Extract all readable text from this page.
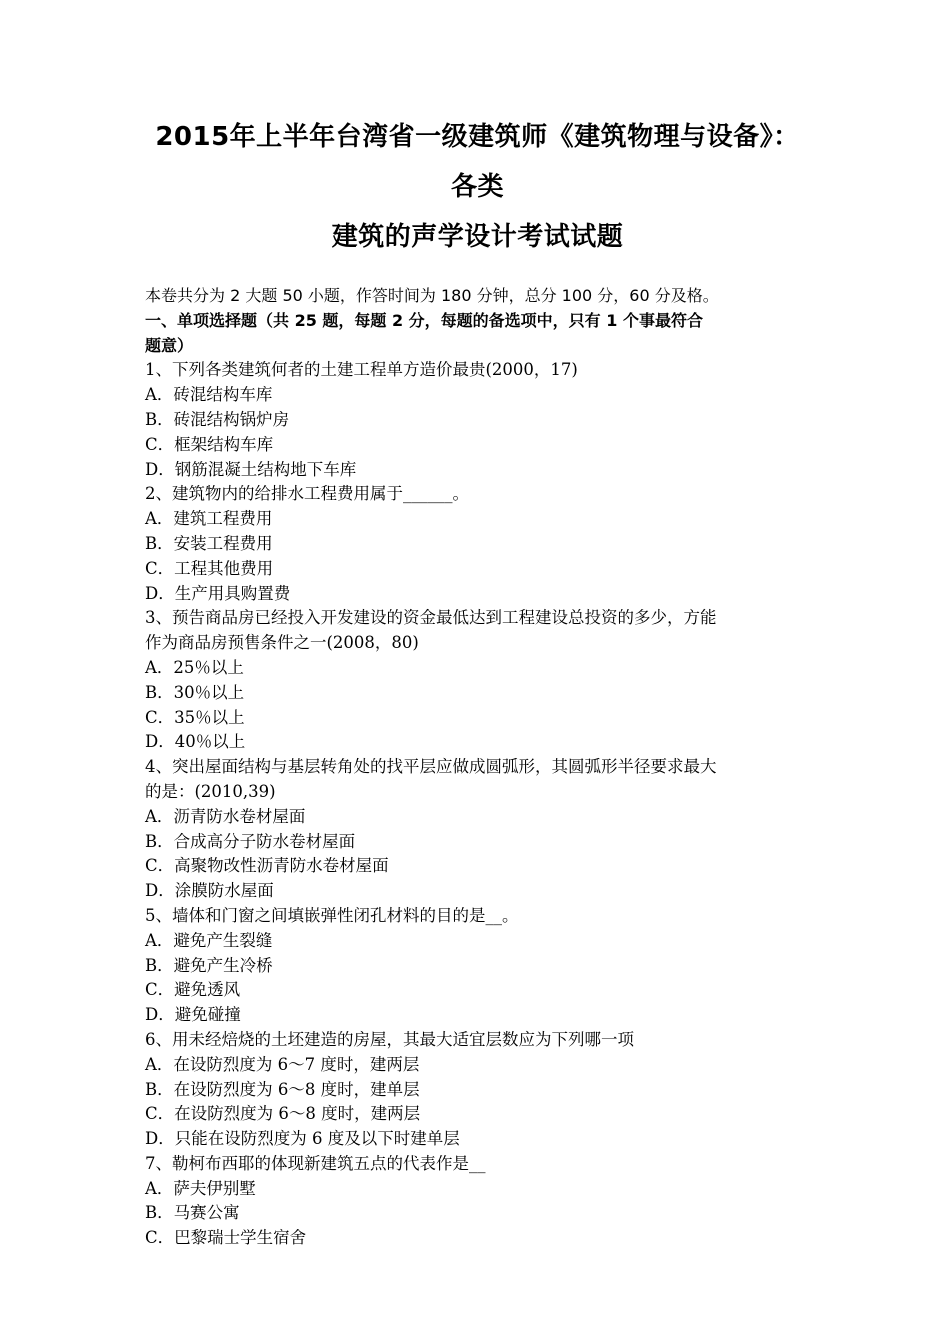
2015年上半年台湾省一级建筑师《建筑物理与设备》：各类
建筑的声学设计考试试题
本卷共分为 2 大题 50 小题，作答时间为 180 分钟，总分 100 分，60 分及格。
一、单项选择题（共 25 题，每题 2 分，每题的备选项中，只有 1 个事最符合
题意）
1、下列各类建筑何者的土建工程单方造价最贵(2000，17)
A．砖混结构车库
B．砖混结构锅炉房
C．框架结构车库
D．钢筋混凝土结构地下车库
2、建筑物内的给排水工程费用属于______。
A．建筑工程费用
B．安装工程费用
C．工程其他费用
D．生产用具购置费
3、预告商品房已经投入开发建设的资金最低达到工程建设总投资的多少，方能
作为商品房预售条件之一(2008，80)
A．25％以上
B．30％以上
C．35％以上
D．40％以上
4、突出屋面结构与基层转角处的找平层应做成圆弧形，其圆弧形半径要求最大
的是：(2010,39)
A．沥青防水卷材屋面
B．合成高分子防水卷材屋面
C．高聚物改性沥青防水卷材屋面
D．涂膜防水屋面
5、墙体和门窗之间填嵌弹性闭孔材料的目的是__。
A．避免产生裂缝
B．避免产生冷桥
C．避免透风
D．避免碰撞
6、用未经焙烧的土坯建造的房屋，其最大适宜层数应为下列哪一项
A．在设防烈度为 6～7 度时，建两层
B．在设防烈度为 6～8 度时，建单层
C．在设防烈度为 6～8 度时，建两层
D．只能在设防烈度为 6 度及以下时建单层
7、勒柯布西耶的体现新建筑五点的代表作是__
A．萨夫伊别墅
B．马赛公寓
C．巴黎瑞士学生宿舍
